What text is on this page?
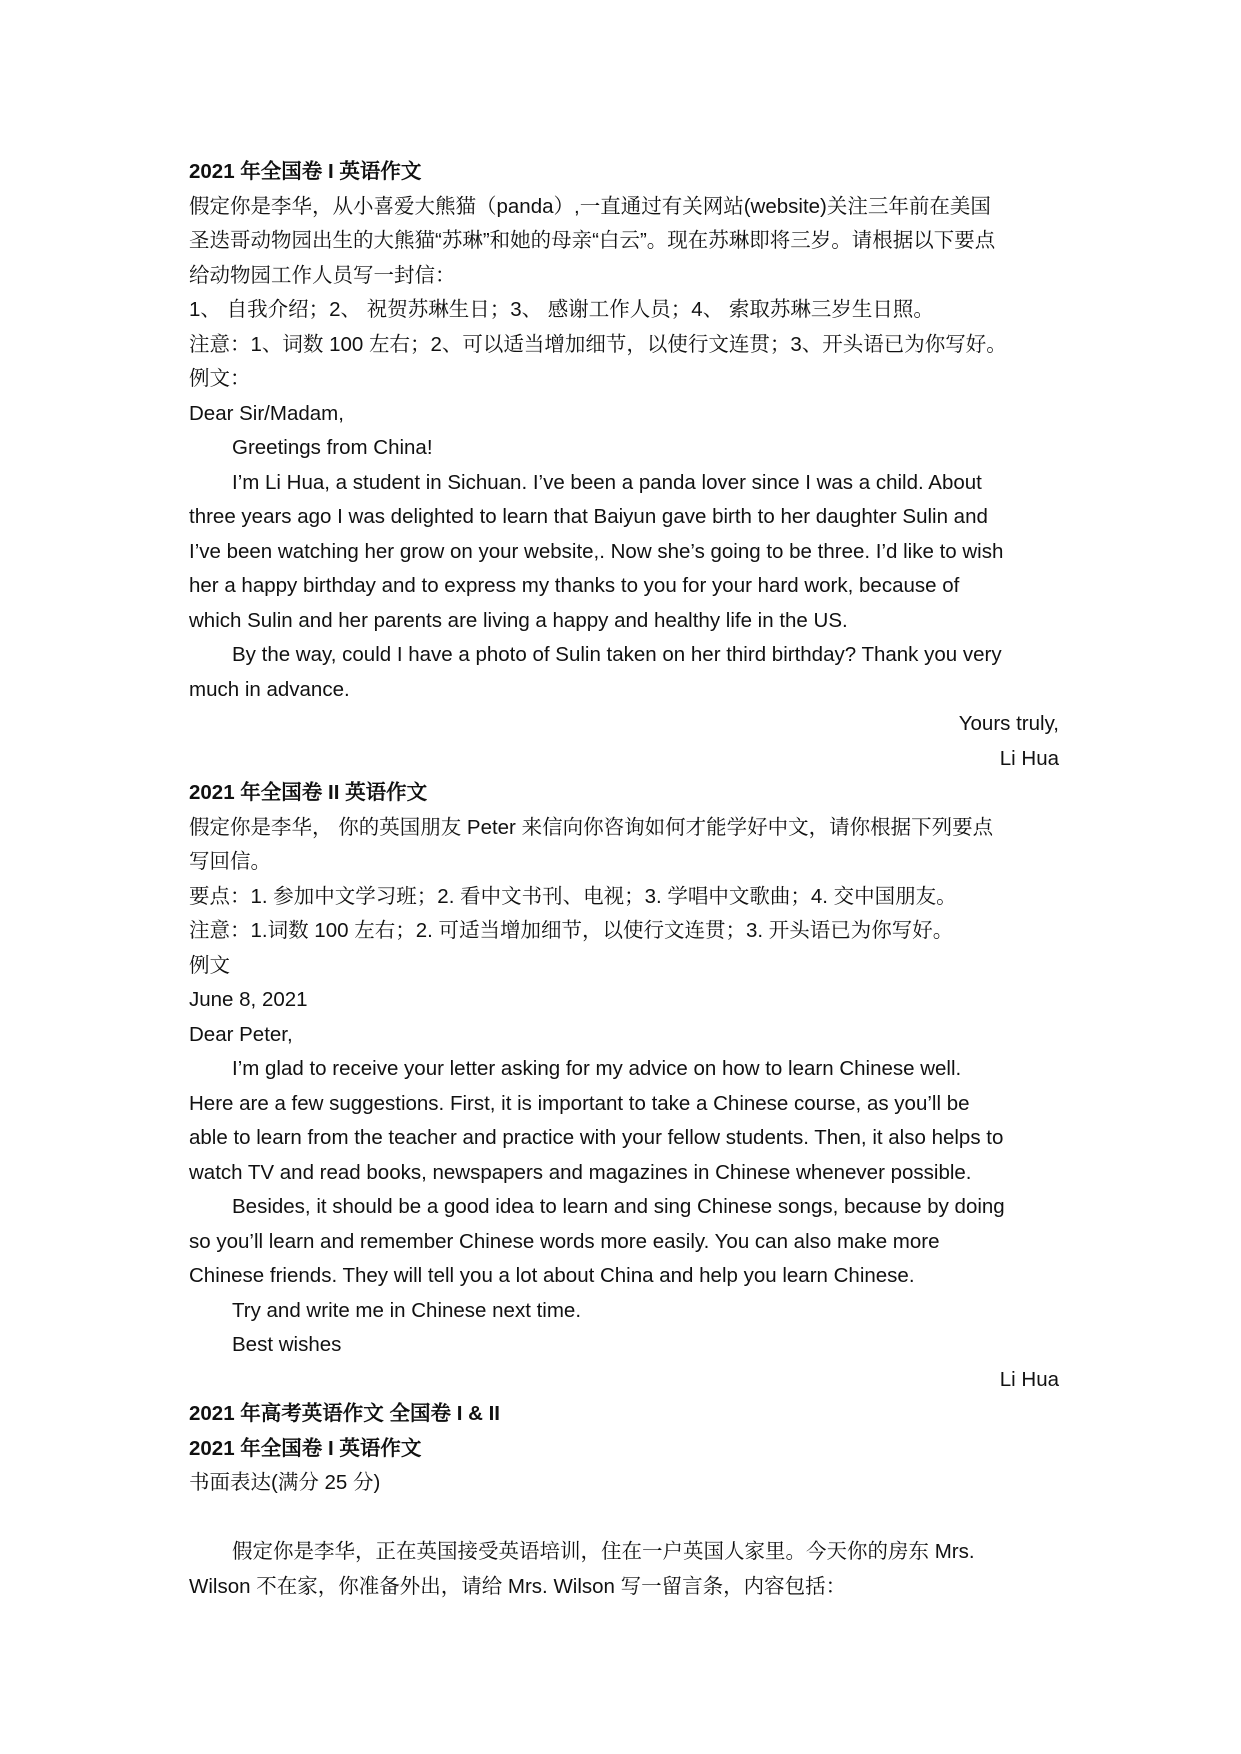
2021 年全国卷 I 英语作文
假定你是李华，从小喜爱大熊猫（panda）,一直通过有关网站(website)关注三年前在美国
圣迭哥动物园出生的大熊猫“苏琳”和她的母亲“白云”。现在苏琳即将三岁。请根据以下要点
给动物园工作人员写一封信：
1、 自我介绍；2、 祝贺苏琳生日；3、 感谢工作人员；4、 索取苏琳三岁生日照。
注意：1、词数 100 左右；2、可以适当增加细节，以使行文连贯；3、开头语已为你写好。
例文：
Dear Sir/Madam,
Greetings from China!
I’m Li Hua, a student in Sichuan. I’ve been a panda lover since I was a child. About
three years ago I was delighted to learn that Baiyun gave birth to her daughter Sulin and
I’ve been watching her grow on your website,. Now she’s going to be three. I’d like to wish
her a happy birthday and to express my thanks to you for your hard work, because of
which Sulin and her parents are living a happy and healthy life in the US.
By the way, could I have a photo of Sulin taken on her third birthday? Thank you very
much in advance.
Yours truly,
Li Hua
2021 年全国卷 II 英语作文
假定你是李华， 你的英国朋友 Peter 来信向你咨询如何才能学好中文，请你根据下列要点
写回信。
要点：1. 参加中文学习班；2. 看中文书刊、电视；3. 学唱中文歌曲；4. 交中国朋友。
注意：1.词数 100 左右；2. 可适当增加细节，以使行文连贯；3. 开头语已为你写好。
例文
June 8, 2021
Dear Peter,
I’m glad to receive your letter asking for my advice on how to learn Chinese well.
Here are a few suggestions. First, it is important to take a Chinese course, as you’ll be
able to learn from the teacher and practice with your fellow students. Then, it also helps to
watch TV and read books, newspapers and magazines in Chinese whenever possible.
Besides, it should be a good idea to learn and sing Chinese songs, because by doing
so you’ll learn and remember Chinese words more easily. You can also make more
Chinese friends. They will tell you a lot about China and help you learn Chinese.
Try and write me in Chinese next time.
Best wishes
Li Hua
2021 年高考英语作文 全国卷 I & II
2021 年全国卷 I 英语作文
书面表达(满分 25 分)
假定你是李华，正在英国接受英语培训，住在一户英国人家里。今天你的房东 Mrs.
Wilson 不在家，你准备外出，请给 Mrs. Wilson 写一留言条，内容包括：
